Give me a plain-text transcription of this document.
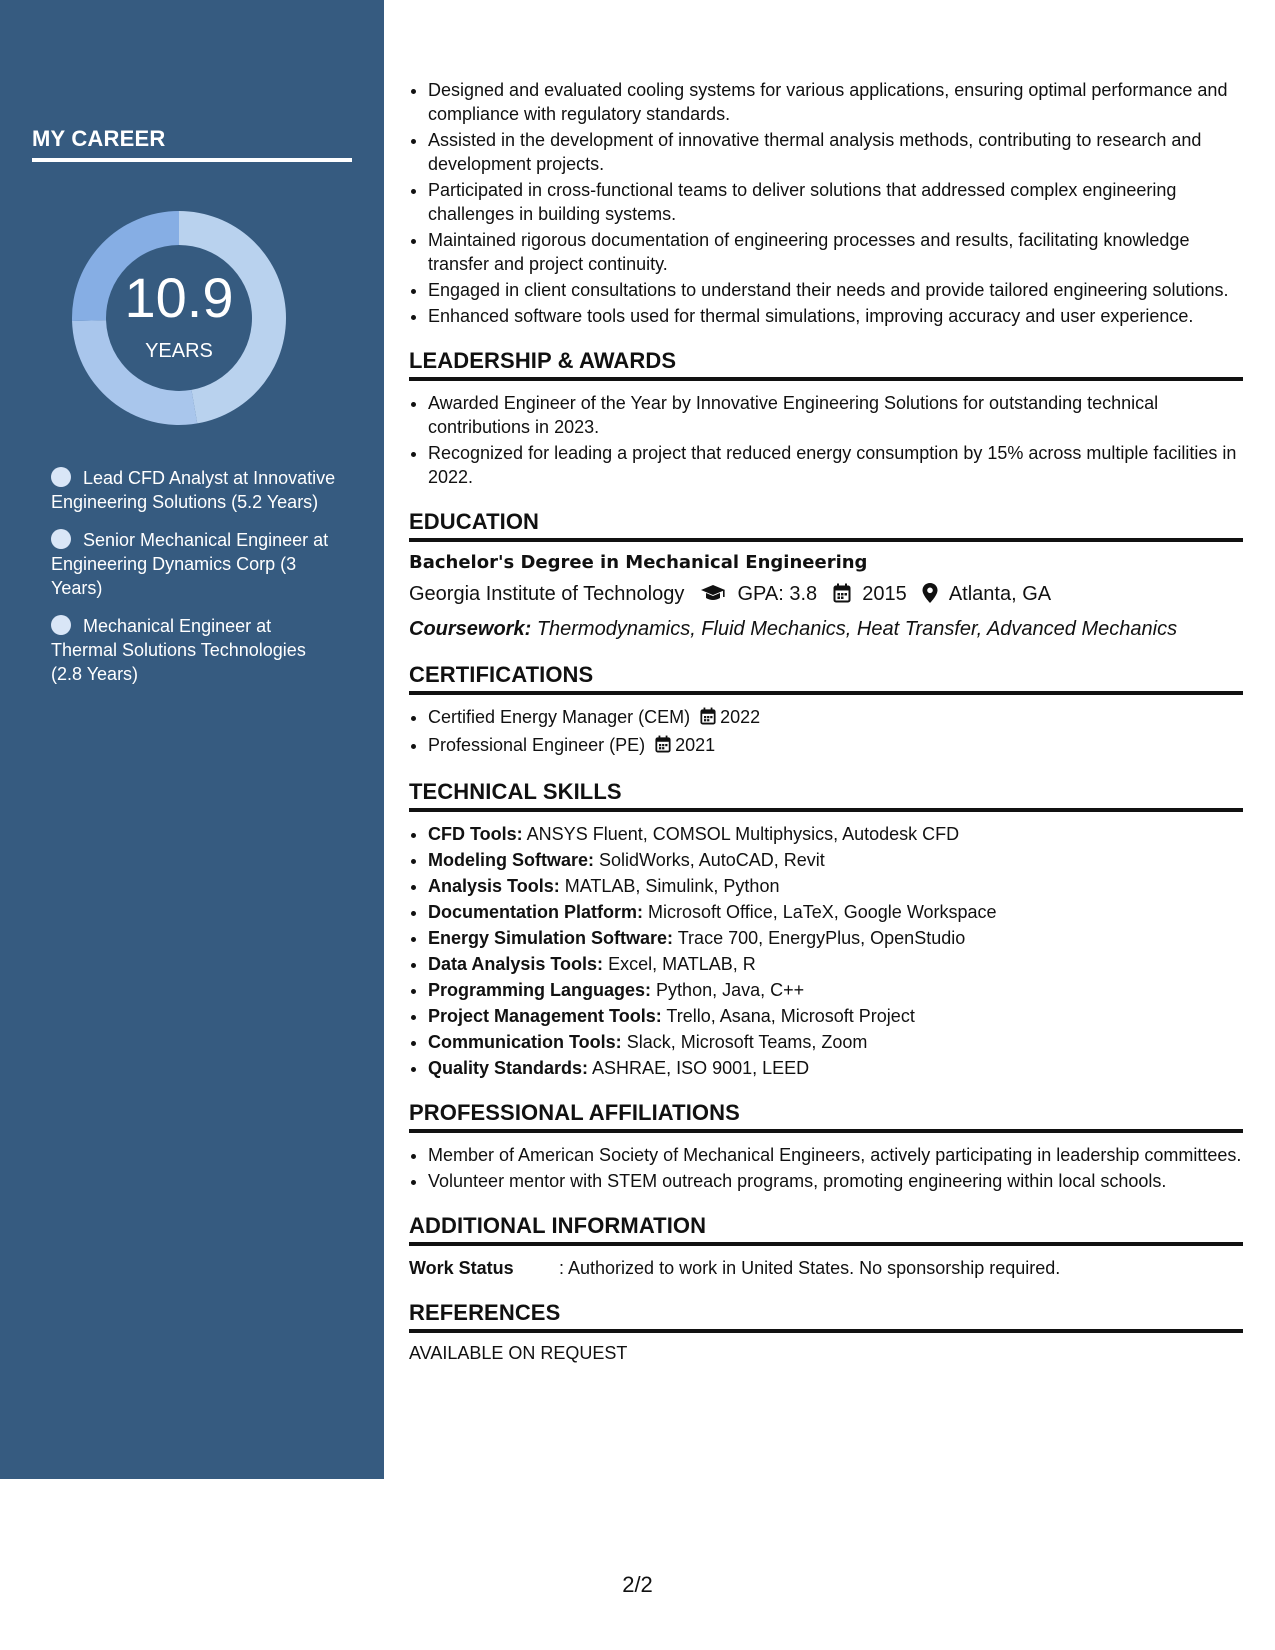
MY CAREER
10.9
YEARS
Lead CFD Analyst at Innovative Engineering Solutions (5.2 Years)
Senior Mechanical Engineer at Engineering Dynamics Corp (3 Years)
Mechanical Engineer at Thermal Solutions Technologies (2.8 Years)
• Designed and evaluated cooling systems for various applications, ensuring optimal performance and compliance with regulatory standards.
• Assisted in the development of innovative thermal analysis methods, contributing to research and development projects.
• Participated in cross-functional teams to deliver solutions that addressed complex engineering challenges in building systems.
• Maintained rigorous documentation of engineering processes and results, facilitating knowledge transfer and project continuity.
• Engaged in client consultations to understand their needs and provide tailored engineering solutions.
• Enhanced software tools used for thermal simulations, improving accuracy and user experience.
LEADERSHIP & AWARDS
• Awarded Engineer of the Year by Innovative Engineering Solutions for outstanding technical contributions in 2023.
• Recognized for leading a project that reduced energy consumption by 15% across multiple facilities in 2022.
EDUCATION
Bachelor's Degree in Mechanical Engineering
Georgia Institute of Technology	GPA: 3.8 2015 Atlanta, GA
Coursework: Thermodynamics, Fluid Mechanics, Heat Transfer, Advanced Mechanics
CERTIFICATIONS
• Certified Energy Manager (CEM) 2022
• Professional Engineer (PE) 2021
TECHNICAL SKILLS
• CFD Tools: ANSYS Fluent, COMSOL Multiphysics, Autodesk CFD
• Modeling Software: SolidWorks, AutoCAD, Revit
• Analysis Tools: MATLAB, Simulink, Python
• Documentation Platform: Microsoft Office, LaTeX, Google Workspace
• Energy Simulation Software: Trace 700, EnergyPlus, OpenStudio
• Data Analysis Tools: Excel, MATLAB, R
• Programming Languages: Python, Java, C++
• Project Management Tools: Trello, Asana, Microsoft Project
• Communication Tools: Slack, Microsoft Teams, Zoom
• Quality Standards: ASHRAE, ISO 9001, LEED
PROFESSIONAL AFFILIATIONS
• Member of American Society of Mechanical Engineers, actively participating in leadership committees.
• Volunteer mentor with STEM outreach programs, promoting engineering within local schools.
ADDITIONAL INFORMATION
Work Status	: Authorized to work in United States. No sponsorship required.
REFERENCES
AVAILABLE ON REQUEST
2/2
